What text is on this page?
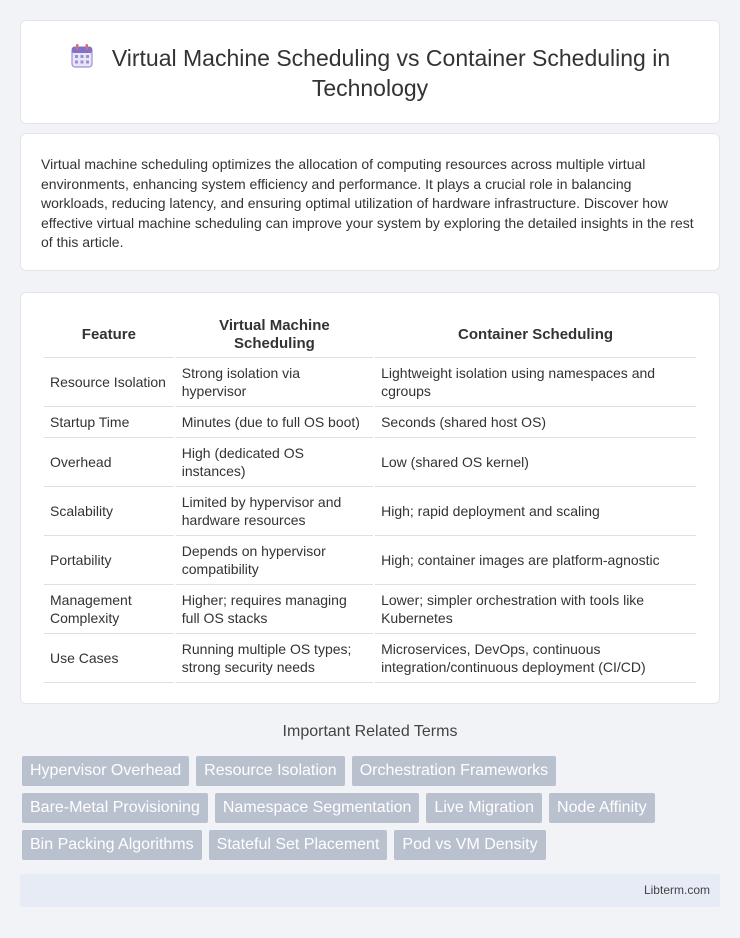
Virtual Machine Scheduling vs Container Scheduling in
Technology

Virtual machine scheduling optimizes the allocation of computing resources across multiple virtual environments, enhancing system efficiency and performance. It plays a crucial role in balancing workloads, reducing latency, and ensuring optimal utilization of hardware infrastructure. Discover how effective virtual machine scheduling can improve your system by exploring the detailed insights in the rest of this article.

Feature	Virtual Machine Scheduling	Container Scheduling
Resource Isolation	Strong isolation via hypervisor	Lightweight isolation using namespaces and cgroups
Startup Time	Minutes (due to full OS boot)	Seconds (shared host OS)
Overhead	High (dedicated OS instances)	Low (shared OS kernel)
Scalability	Limited by hypervisor and hardware resources	High; rapid deployment and scaling
Portability	Depends on hypervisor compatibility	High; container images are platform-agnostic
Management Complexity	Higher; requires managing full OS stacks	Lower; simpler orchestration with tools like Kubernetes
Use Cases	Running multiple OS types; strong security needs	Microservices, DevOps, continuous integration/continuous deployment (CI/CD)
Important Related Terms
Hypervisor Overhead	Resource Isolation	Orchestration Frameworks
Bare-Metal Provisioning	Namespace Segmentation	Live Migration	Node Affinity
Bin Packing Algorithms	Stateful Set Placement	Pod vs VM Density
Libterm.com
